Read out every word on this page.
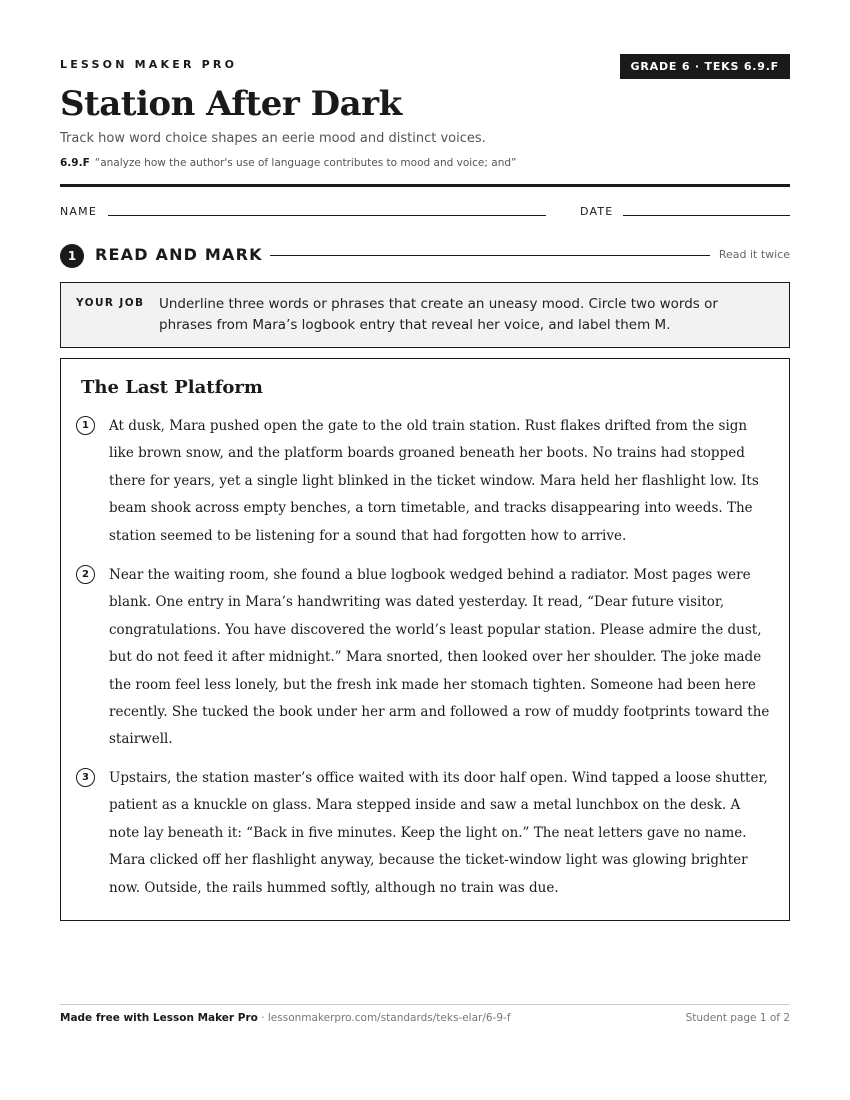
LESSON MAKER PRO	GRADE 6 · TEKS 6.9.F
Station After Dark
Track how word choice shapes an eerie mood and distinct voices.
6.9.F “analyze how the author's use of language contributes to mood and voice; and”
NAME	DATE
1	READ AND MARK	Read it twice
YOUR JOB Underline three words or phrases that create an uneasy mood. Circle two words or phrases from Mara’s logbook entry that reveal her voice, and label them M.
The Last Platform
1	At dusk, Mara pushed open the gate to the old train station. Rust flakes drifted from the sign like brown snow, and the platform boards groaned beneath her boots. No trains had stopped there for years, yet a single light blinked in the ticket window. Mara held her flashlight low. Its beam shook across empty benches, a torn timetable, and tracks disappearing into weeds. The station seemed to be listening for a sound that had forgotten how to arrive.

2	Near the waiting room, she found a blue logbook wedged behind a radiator. Most pages were blank. One entry in Mara’s handwriting was dated yesterday. It read, “Dear future visitor, congratulations. You have discovered the world’s least popular station. Please admire the dust, but do not feed it after midnight.” Mara snorted, then looked over her shoulder. The joke made the room feel less lonely, but the fresh ink made her stomach tighten. Someone had been here recently. She tucked the book under her arm and followed a row of muddy footprints toward the stairwell.

3	Upstairs, the station master’s office waited with its door half open. Wind tapped a loose shutter, patient as a knuckle on glass. Mara stepped inside and saw a metal lunchbox on the desk. A note lay beneath it: “Back in five minutes. Keep the light on.” The neat letters gave no name. Mara clicked off her flashlight anyway, because the ticket-window light was glowing brighter now. Outside, the rails hummed softly, although no train was due.

Made free with Lesson Maker Pro · lessonmakerpro.com/standards/teks-elar/6-9-f	Student page 1 of 2
